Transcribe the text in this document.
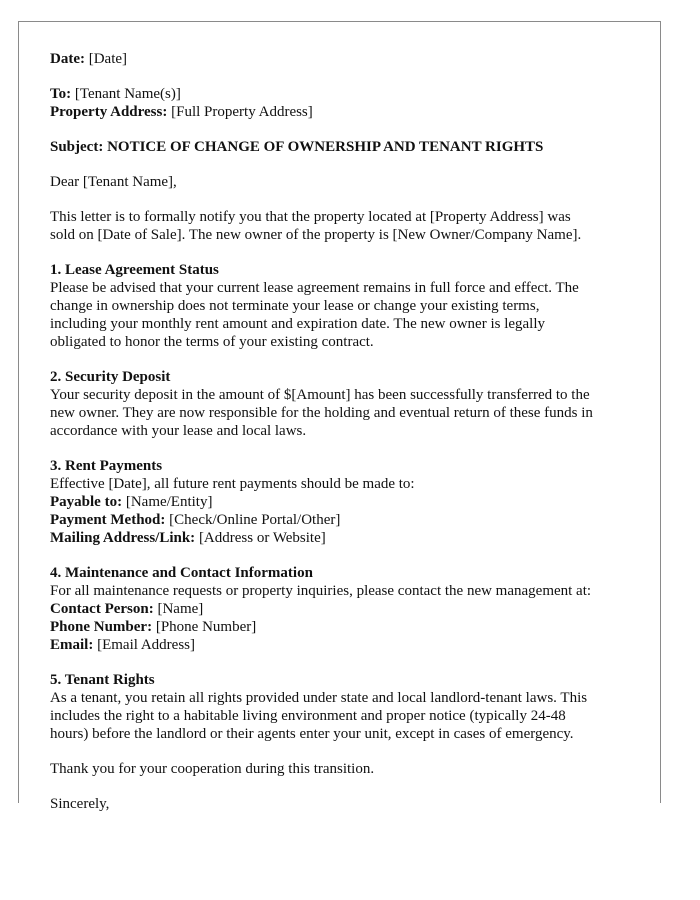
Date: [Date]
To: [Tenant Name(s)]
Property Address: [Full Property Address]
Subject: NOTICE OF CHANGE OF OWNERSHIP AND TENANT RIGHTS
Dear [Tenant Name],
This letter is to formally notify you that the property located at [Property Address] was
sold on [Date of Sale]. The new owner of the property is [New Owner/Company Name].
1. Lease Agreement Status
Please be advised that your current lease agreement remains in full force and effect. The
change in ownership does not terminate your lease or change your existing terms,
including your monthly rent amount and expiration date. The new owner is legally
obligated to honor the terms of your existing contract.
2. Security Deposit
Your security deposit in the amount of $[Amount] has been successfully transferred to the
new owner. They are now responsible for the holding and eventual return of these funds in
accordance with your lease and local laws.
3. Rent Payments
Effective [Date], all future rent payments should be made to:
Payable to: [Name/Entity]
Payment Method: [Check/Online Portal/Other]
Mailing Address/Link: [Address or Website]
4. Maintenance and Contact Information
For all maintenance requests or property inquiries, please contact the new management at:
Contact Person: [Name]
Phone Number: [Phone Number]
Email: [Email Address]
5. Tenant Rights
As a tenant, you retain all rights provided under state and local landlord-tenant laws. This
includes the right to a habitable living environment and proper notice (typically 24-48
hours) before the landlord or their agents enter your unit, except in cases of emergency.
Thank you for your cooperation during this transition.
Sincerely,
